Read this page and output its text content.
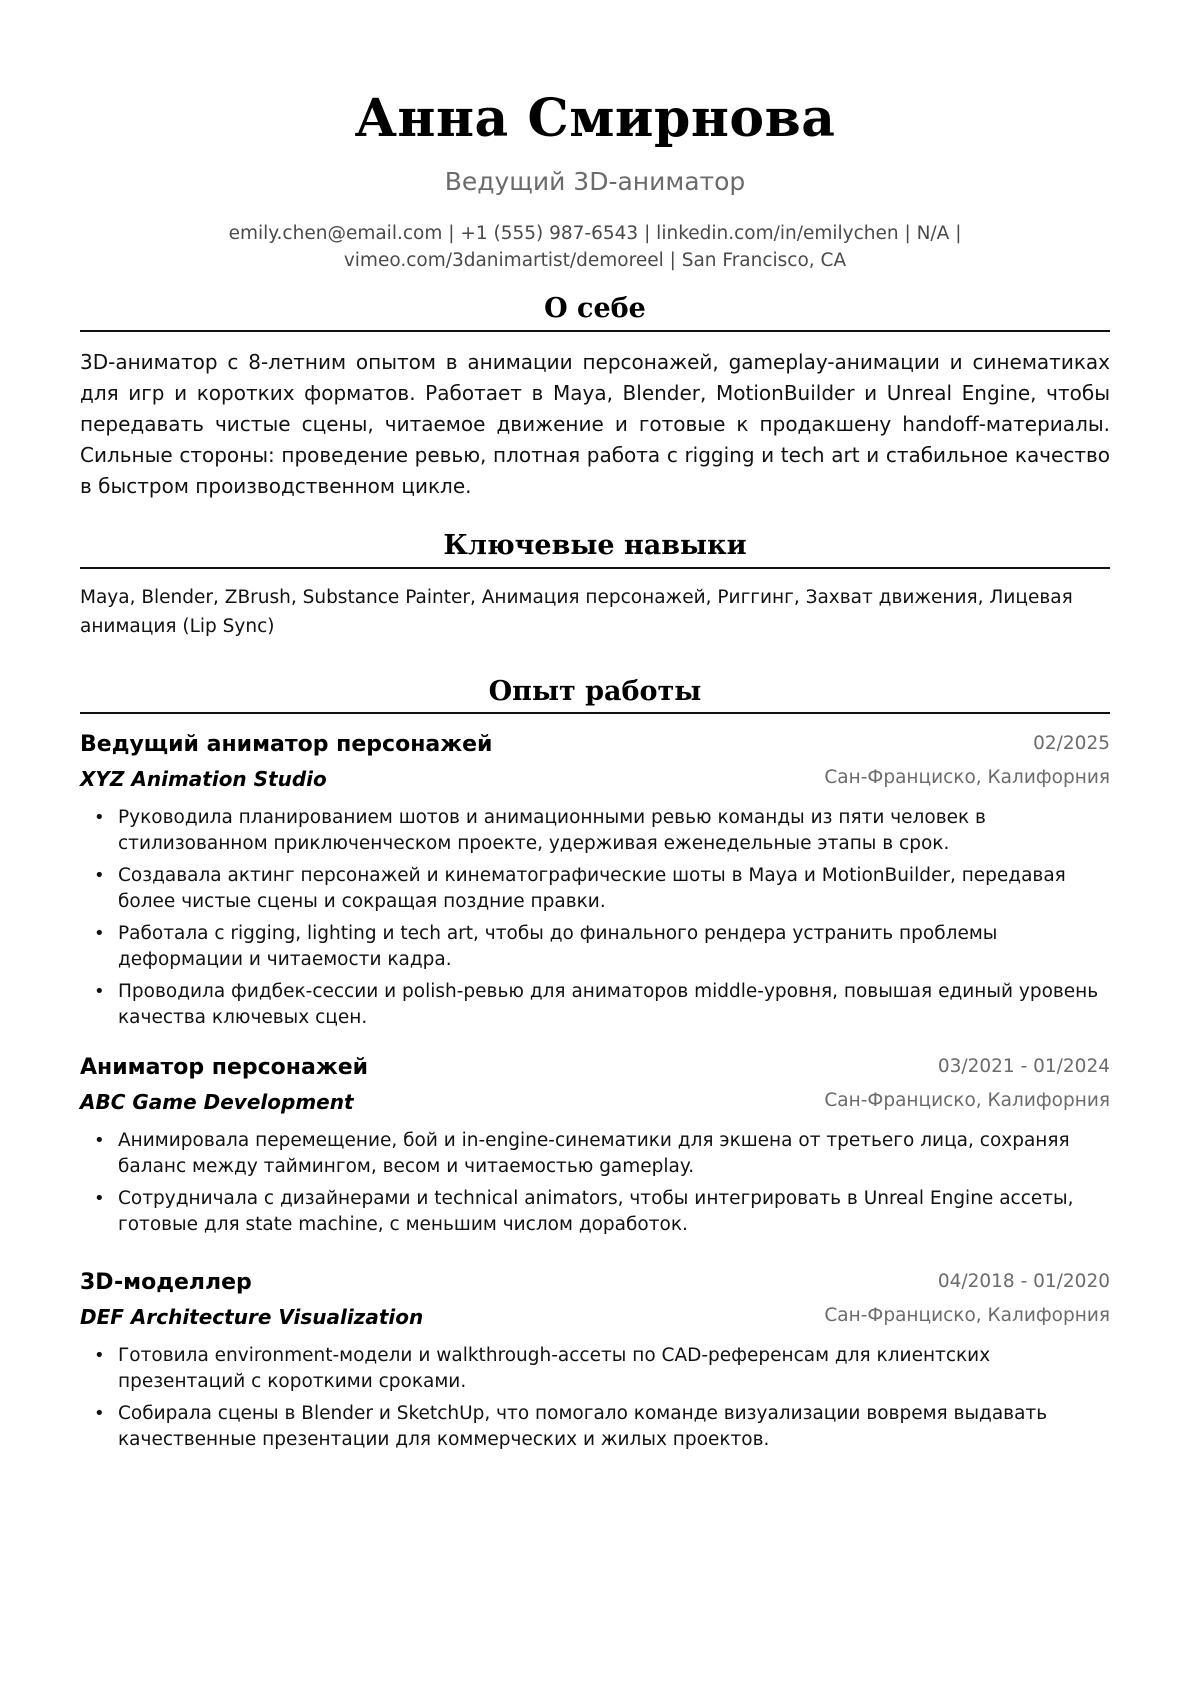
Анна Смирнова
Ведущий 3D-аниматор
emily.chen@email.com | +1 (555) 987-6543 | linkedin.com/in/emilychen | N/A |
vimeo.com/3danimartist/demoreel | San Francisco, CA
О себе
3D-аниматор с 8-летним опытом в анимации персонажей, gameplay-анимации и синематиках для игр и коротких форматов. Работает в Maya, Blender, MotionBuilder и Unreal Engine, чтобы передавать чистые сцены, читаемое движение и готовые к продакшену handoff-материалы. Сильные стороны: проведение ревью, плотная работа с rigging и tech art и стабильное качество в быстром производственном цикле.
Ключевые навыки
Maya, Blender, ZBrush, Substance Painter, Анимация персонажей, Риггинг, Захват движения, Лицевая анимация (Lip Sync)
Опыт работы
Ведущий аниматор персонажей	02/2025
XYZ Animation Studio	Сан-Франциско, Калифорния
• Руководила планированием шотов и анимационными ревью команды из пяти человек в стилизованном приключенческом проекте, удерживая еженедельные этапы в срок.
• Создавала актинг персонажей и кинематографические шоты в Maya и MotionBuilder, передавая более чистые сцены и сокращая поздние правки.
• Работала с rigging, lighting и tech art, чтобы до финального рендера устранить проблемы деформации и читаемости кадра.
• Проводила фидбек-сессии и polish-ревью для аниматоров middle-уровня, повышая единый уровень качества ключевых сцен.
Аниматор персонажей	03/2021 - 01/2024
ABC Game Development	Сан-Франциско, Калифорния
• Анимировала перемещение, бой и in-engine-синематики для экшена от третьего лица, сохраняя баланс между таймингом, весом и читаемостью gameplay.
• Сотрудничала с дизайнерами и technical animators, чтобы интегрировать в Unreal Engine ассеты, готовые для state machine, с меньшим числом доработок.
3D-моделлер	04/2018 - 01/2020
DEF Architecture Visualization	Сан-Франциско, Калифорния
• Готовила environment-модели и walkthrough-ассеты по CAD-референсам для клиентских презентаций с короткими сроками.
• Собирала сцены в Blender и SketchUp, что помогало команде визуализации вовремя выдавать качественные презентации для коммерческих и жилых проектов.
